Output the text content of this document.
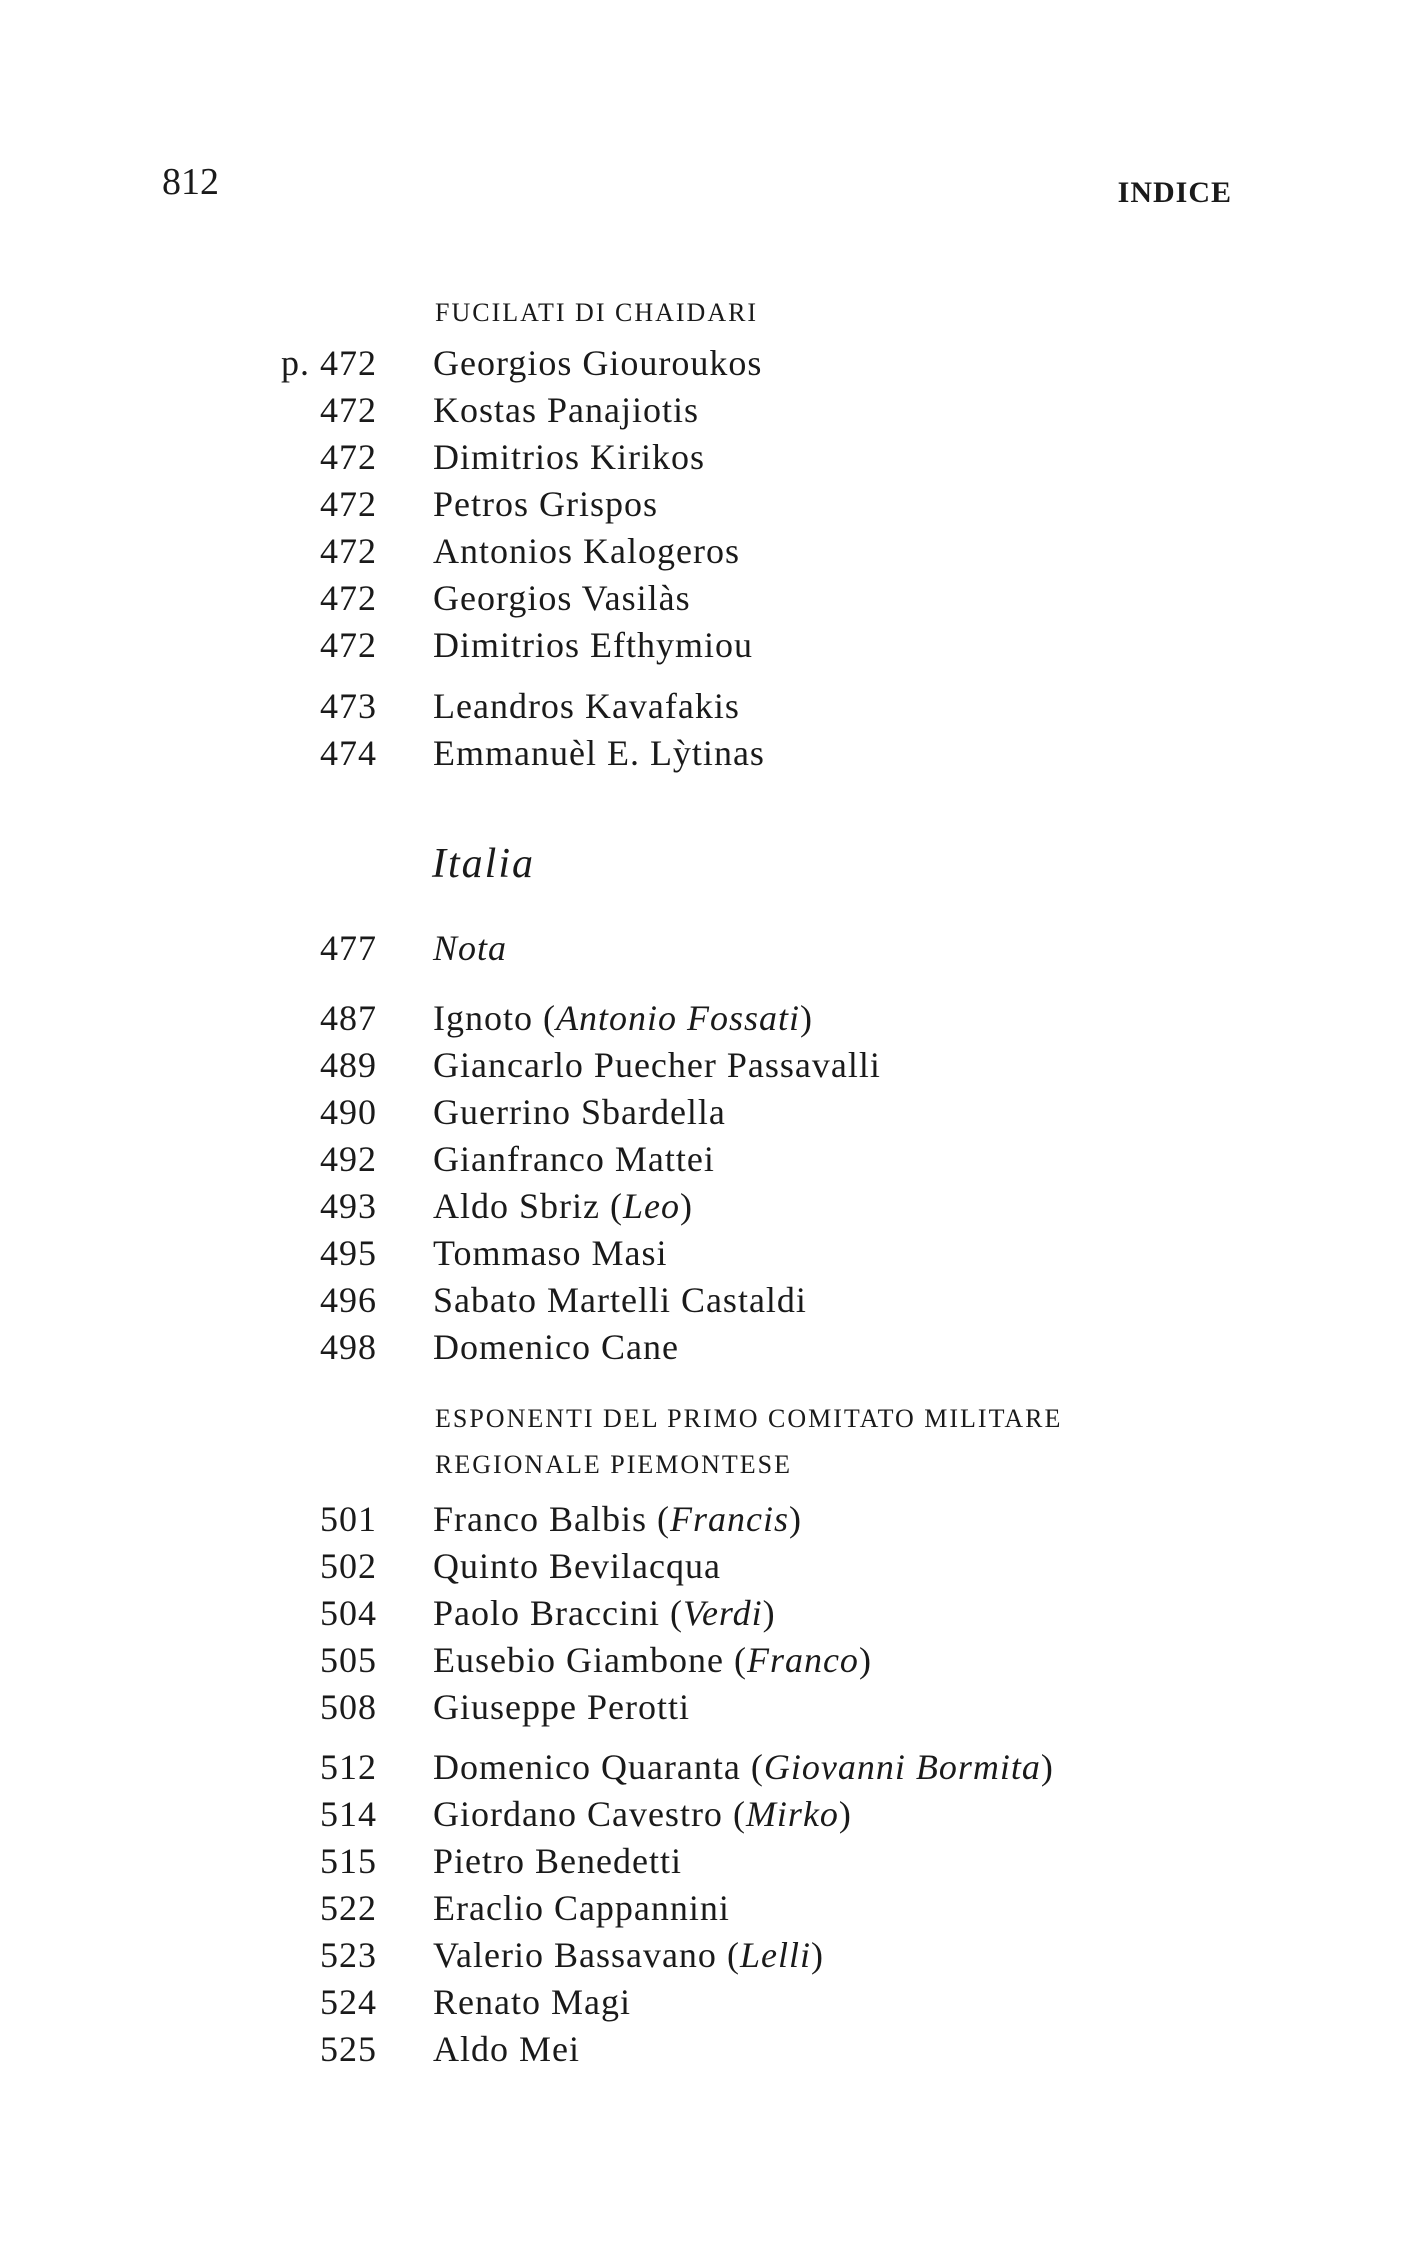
812	INDICE
FUCILATI DI CHAIDARI
p. 472 Georgios Giouroukos
472 Kostas Panajiotis
472 Dimitrios Kirikos
472 Petros Grispos
472 Antonios Kalogeros
472 Georgios Vasilàs
472 Dimitrios Efthymiou
473 Leandros Kavafakis
474 Emmanuèl E. Lỳtinas
Italia
477 Nota
487 Ignoto ( Antonio Fossati )
489 Giancarlo Puecher Passavalli
490 Guerrino Sbardella
492 Gianfranco Mattei
493 Aldo Sbriz ( Leo )
495 Tommaso Masi
496 Sabato Martelli Castaldi
498 Domenico Cane
ESPONENTI DEL PRIMO COMITATO MILITARE
REGIONALE PIEMONTESE
501 Franco Balbis ( Francis )
502 Quinto Bevilacqua
504 Paolo Braccini ( Verdi )
505 Eusebio Giambone ( Franco )
508 Giuseppe Perotti
512 Domenico Quaranta ( Giovanni Bormita )
514 Giordano Cavestro ( Mirko )
515 Pietro Benedetti
522 Eraclio Cappannini
523 Valerio Bassavano ( Lelli )
524 Renato Magi
525 Aldo Mei
